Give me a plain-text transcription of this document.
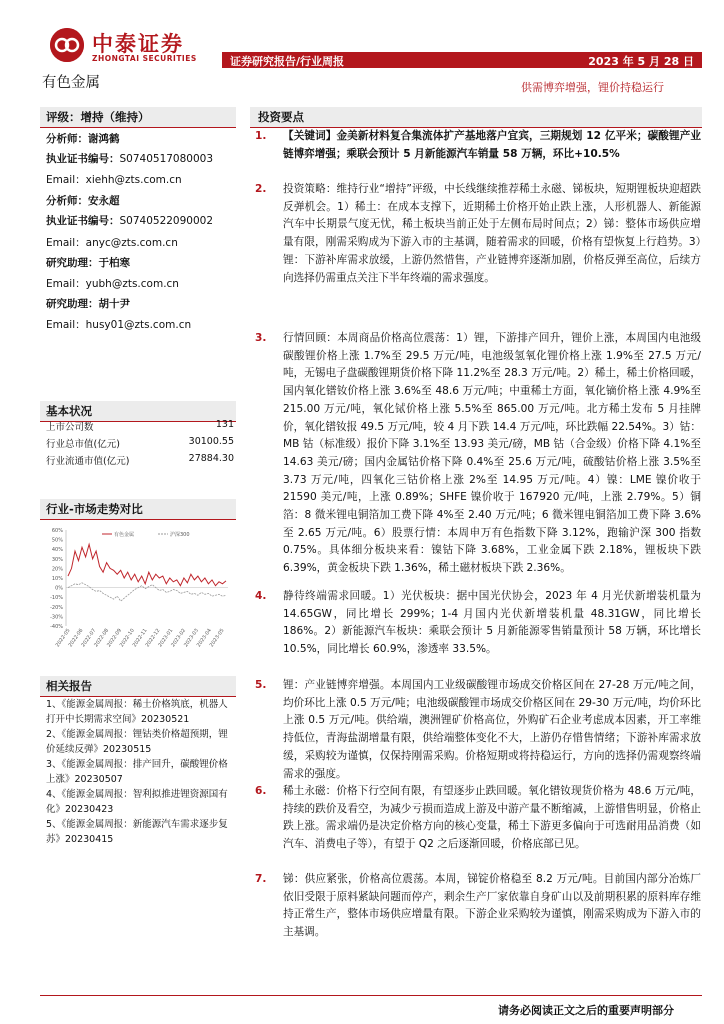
中泰证券
ZHONGTAI SECURITIES
有色金属
证券研究报告/行业周报	2023 年 5 月 28 日
供需博弈增强，锂价持稳运行
评级：增持（维持）
分析师：谢鸿鹤
执业证书编号：S0740517080003
Email：xiehh@zts.com.cn
分析师：安永超
执业证书编号：S0740522090002
Email：anyc@zts.com.cn
研究助理：于柏寒
Email：yubh@zts.com.cn
研究助理：胡十尹
Email：husy01@zts.com.cn
基本状况
上市公司数	131
行业总市值(亿元)	30100.55
行业流通市值(亿元)	27884.30
行业-市场走势对比
60%
50%
40%
30%
20%
10%
0%
-10%
-20%
-30%
-40%
2022-05
2022-06
2022-07
2022-08
2022-09
2022-10
2022-11
2022-12
2023-01
2023-02
2023-03
2023-04
2023-05
有色金属	沪深300
相关报告
1、《能源金属周报：稀土价格筑底，机器人打开中长期需求空间》20230521
2、《能源金属周报：锂钴类价格超预期，锂价延续反弹》20230515
3、《能源金属周报：排产回升，碳酸锂价格上涨》20230507
4、《能源金属周报：智利拟推进锂资源国有化》20230423
5、《能源金属周报：新能源汽车需求逐步复苏》20230415
投资要点
1. 【关键词】金美新材料复合集流体扩产基地落户宜宾，三期规划 12 亿平米；碳酸锂产业链博弈增强；乘联会预计 5 月新能源汽车销量 58 万辆，环比+10.5%
2. 投资策略：维持行业“增持”评级，中长线继续推荐稀土永磁、锑板块，短期锂板块迎超跌反弹机会。1）稀土：在成本支撑下，近期稀土价格开始止跌上涨，人形机器人、新能源汽车中长期景气度无忧，稀土板块当前正处于左侧布局时间点；2）锑：整体市场供应增量有限，刚需采购成为下游入市的主基调，随着需求的回暖，价格有望恢复上行趋势。3）锂：下游补库需求放缓，上游仍然惜售，产业链博弈逐渐加剧，价格反弹至高位，后续方向选择仍需重点关注下半年终端的需求强度。
3. 行情回顾：本周商品价格高位震荡：1）锂，下游排产回升，锂价上涨，本周国内电池级碳酸锂价格上涨 1.7%至 29.5 万元/吨，电池级氢氧化锂价格上涨 1.9%至 27.5 万元/吨，无锡电子盘碳酸锂期货价格下降 11.2%至 28.3 万元/吨。2）稀土，稀土价格回暖，国内氧化镨钕价格上涨 3.6%至 48.6 万元/吨；中重稀土方面，氧化镝价格上涨 4.9%至 215.00 万元/吨，氧化铽价格上涨 5.5%至 865.00 万元/吨。北方稀土发布 5 月挂牌价，氧化镨钕报 49.5 万元/吨，较 4 月下跌 14.4 万元/吨，环比跌幅 22.54%。3）钴：MB 钴（标准级）报价下降 3.1%至 13.93 美元/磅，MB 钴（合金级）价格下降 4.1%至 14.63 美元/磅；国内金属钴价格下降 0.4%至 25.6 万元/吨，硫酸钴价格上涨 3.5%至 3.73 万元/吨，四氧化三钴价格上涨 2%至 14.95 万元/吨。4）镍：LME 镍价收于 21590 美元/吨，上涨 0.89%；SHFE 镍价收于 167920 元/吨，上涨 2.79%。5）铜箔：8 微米锂电铜箔加工费下降 4%至 2.40 万元/吨；6 微米锂电铜箔加工费下降 3.6%至 2.65 万元/吨。6）股票行情：本周申万有色指数下降 3.12%，跑输沪深 300 指数 0.75%。具体细分板块来看：镍钴下降 3.68%，工业金属下跌 2.18%，锂板块下跌 6.39%，黄金板块下跌 1.36%，稀土磁材板块下跌 2.36%。
4. 静待终端需求回暖。1）光伏板块：据中国光伏协会，2023 年 4 月光伏新增装机量为 14.65GW，同比增长 299%；1-4 月国内光伏新增装机量 48.31GW，同比增长 186%。2）新能源汽车板块：乘联会预计 5 月新能源零售销量预计 58 万辆，环比增长 10.5%，同比增长 60.9%，渗透率 33.5%。
5. 锂：产业链博弈增强。本周国内工业级碳酸锂市场成交价格区间在 27-28 万元/吨之间，均价环比上涨 0.5 万元/吨；电池级碳酸锂市场成交价格区间在 29-30 万元/吨，均价环比上涨 0.5 万元/吨。供给端，澳洲锂矿价格高位，外购矿石企业考虑成本因素，开工率维持低位，青海盐湖增量有限，供给端整体变化不大，上游仍存惜售情绪；下游补库需求放缓，采购较为谨慎，仅保持刚需采购。价格短期或将持稳运行，方向的选择仍需观察终端需求的强度。
6. 稀土永磁：价格下行空间有限，有望逐步止跌回暖。氧化镨钕现货价格为 48.6 万元/吨，持续的跌价及看空，为减少亏损而造成上游及中游产量不断缩减，上游惜售明显，价格止跌上涨。需求端仍是决定价格方向的核心变量，稀土下游更多偏向于可选耐用品消费（如汽车、消费电子等），有望于 Q2 之后逐渐回暖，价格底部已见。
7. 锑：供应紧张，价格高位震荡。本周，锑锭价格稳至 8.2 万元/吨。目前国内部分冶炼厂依旧受限于原料紧缺问题而停产，剩余生产厂家依靠自身矿山以及前期积累的原料库存维持正常生产，整体市场供应增量有限。下游企业采购较为谨慎，刚需采购成为下游入市的主基调。
请务必阅读正文之后的重要声明部分
